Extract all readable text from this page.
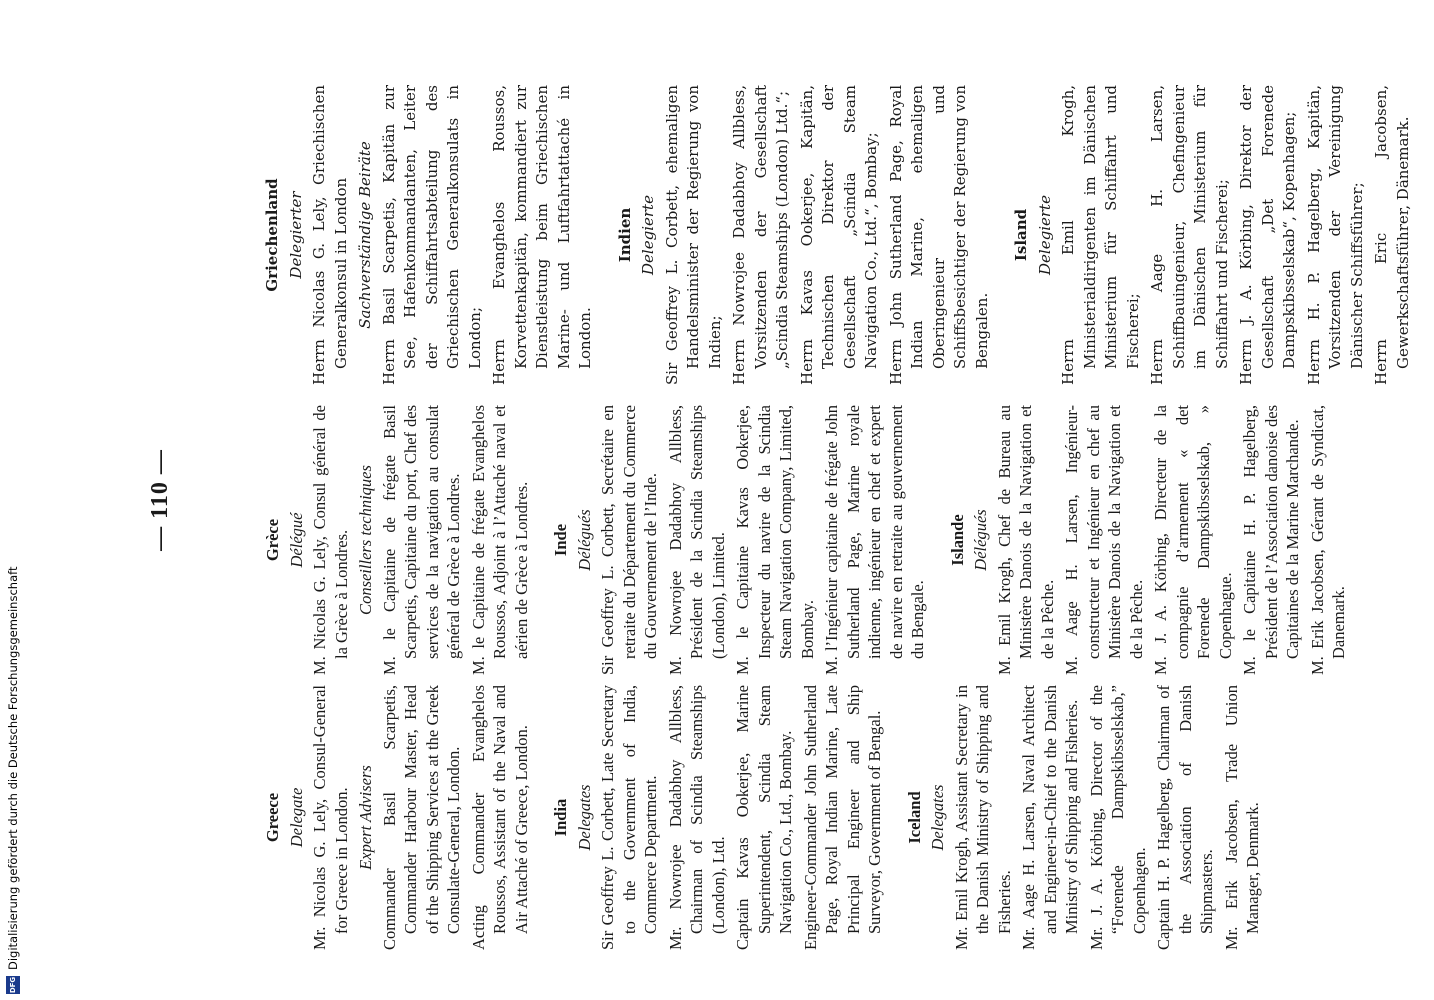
— 110 —
Greece Delegate Mr. Nicolas G. Lely, Consul-General for Greece in London. Expert Advisers Commander Basil Scarpetis, Commander Harbour Master, Head of the Shipping Services at the Greek Consulate-General, London. Acting Commander Evanghelos Roussos, Assistant of the Naval and Air Attaché of Greece, London. India Delegates Sir Geoffrey L. Corbett, Late Secretary to the Government of India, Commerce Department. Mr. Nowrojee Dadabhoy Allbless, Chairman of Scindia Steamships (London), Ltd. Captain Kavas Ookerjee, Marine Superintendent, Scindia Steam Navigation Co., Ltd., Bombay. Engineer-Commander John Sutherland Page, Royal Indian Marine, Late Principal Engineer and Ship Surveyor, Government of Bengal. Iceland Delegates Mr. Emil Krogh, Assistant Secretary in the Danish Ministry of Shipping and Fisheries. Mr. Aage H. Larsen, Naval Architect and Engineer-in-Chief to the Danish Ministry of Shipping and Fisheries. Mr. J. A. Körbing, Director of the “Forenede Dampskibsselskab,” Copenhagen. Captain H. P. Hagelberg, Chairman of the Association of Danish Shipmasters. Mr. Erik Jacobsen, Trade Union Manager, Denmark.

Grèce Délégué M. Nicolas G. Lely, Consul général de la Grèce à Londres. Conseillers techniques M. le Capitaine de frégate Basil Scarpetis, Capitaine du port, Chef des services de la navigation au consulat général de Grèce à Londres. M. le Capitaine de frégate Evanghelos Roussos, Adjoint à l’Attaché naval et aérien de Grèce à Londres. Inde Délégués Sir Geoffrey L. Corbett, Secrétaire en retraite du Département du Commerce du Gouvernement de l’Inde. M. Nowrojee Dadabhoy Allbless, Président de la Scindia Steamships (London), Limited. M. le Capitaine Kavas Ookerjee, Inspecteur du navire de la Scindia Steam Navigation Company, Limited, Bombay. M. l’Ingénieur capitaine de frégate John Sutherland Page, Marine royale indienne, ingénieur en chef et expert de navire en retraite au gouvernement du Bengale.

Islande Délégués M. Emil Krogh, Chef de Bureau au Ministère Danois de la Navigation et de la Pêche. M. Aage H. Larsen, Ingénieur-constructeur et Ingénieur en chef au Ministère Danois de la Navigation et de la Pêche. M. J. A. Körbing, Directeur de la compagnie d’armement « det Forenede Dampskibsselskab, » Copenhague. M. le Capitaine H. P. Hagelberg, Président de l’Association danoise des Capitaines de la Marine Marchande. M. Erik Jacobsen, Gérant de Syndicat, Danemark.

Griechenland Delegierter Herrn Nicolas G. Lely, Griechischen Generalkonsul in London Sachverständige Beiräte Herrn Basil Scarpetis, Kapitän zur See, Hafenkommandanten, Leiter der Schiffahrtsabteilung des Griechischen Generalkonsulats in London; Herrn Evanghelos Roussos, Korvettenkapitän, kommandiert zur Dienstleistung beim Griechischen Marine- und Luftfahrtattaché in London.

Indien Delegierte Sir Geoffrey L. Corbett, ehemaligen Handelsminister der Regierung von Indien; Herrn Nowrojee Dadabhoy Allbless, Vorsitzenden der Gesellschaft „Scindia Steamships (London) Ltd.“; Herrn Kavas Ookerjee, Kapitän, Technischen Direktor der Gesellschaft „Scindia Steam Navigation Co., Ltd.“, Bombay; Herrn John Sutherland Page, Royal Indian Marine, ehemaligen Oberingenieur und Schiffsbesichtiger der Regierung von Bengalen.

Island Delegierte Herrn Emil Krogh, Ministerialdirigenten im Dänischen Ministerium für Schiffahrt und Fischerei; Herrn Aage H. Larsen, Schiffbauingenieur, Chefingenieur im Dänischen Ministerium für Schiffahrt und Fischerei; Herrn J. A. Körbing, Direktor der Gesellschaft „Det Forenede Dampskibsselskab“, Kopenhagen; Herrn H. P. Hagelberg, Kapitän, Vorsitzenden der Vereinigung Dänischer Schiffsführer; Herrn Eric Jacobsen, Gewerkschaftsführer, Dänemark.

DFG
Digitalisierung gefördert durch die Deutsche Forschungsgemeinschaft
